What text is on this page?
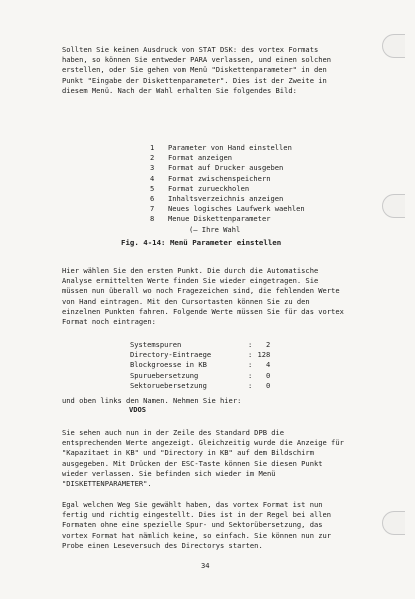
Sollten Sie keinen Ausdruck von STAT DSK: des vortex Formats
haben, so können Sie entweder PARA verlassen, und einen solchen
erstellen, oder Sie gehen vom Menü "Diskettenparameter" in den
Punkt "Eingabe der Diskettenparameter". Dies ist der Zweite in
diesem Menü. Nach der Wahl erhalten Sie folgendes Bild:

1	Parameter von Hand einstellen
2	Format anzeigen
3	Format auf Drucker ausgeben
4	Format zwischenspeichern
5	Format zurueckholen
6	Inhaltsverzeichnis anzeigen
7	Neues logisches Laufwerk waehlen
8	Menue Diskettenparameter
(— Ihre Wahl
Fig. 4-14: Menü Parameter einstellen

Hier wählen Sie den ersten Punkt. Die durch die Automatische
Analyse ermittelten Werte finden Sie wieder eingetragen. Sie
müssen nun überall wo noch Fragezeichen sind, die fehlenden Werte
von Hand eintragen. Mit den Cursortasten können Sie zu den
einzelnen Punkten fahren. Folgende Werte müssen Sie für das vortex
Format noch eintragen:

Systemspuren	:	2
Directory-Eintraege	: 128
Blockgroesse in KB	:	4
Spuruebersetzung	:	0
Sektoruebersetzung	:	0

und oben links den Namen. Nehmen Sie hier:

VDOS

Sie sehen auch nun in der Zeile des Standard DPB die
entsprechenden Werte angezeigt. Gleichzeitig wurde die Anzeige für
"Kapazitaet in KB" und "Directory in KB" auf dem Bildschirm
ausgegeben. Mit Drücken der ESC-Taste können Sie diesen Punkt
wieder verlassen. Sie befinden sich wieder im Menü
"DISKETTENPARAMETER".

Egal welchen Weg Sie gewählt haben, das vortex Format ist nun
fertig und richtig eingestellt. Dies ist in der Regel bei allen
Formaten ohne eine spezielle Spur- und Sektorübersetzung, das
vortex Format hat nämlich keine, so einfach. Sie können nun zur
Probe einen Leseversuch des Directorys starten.

34
